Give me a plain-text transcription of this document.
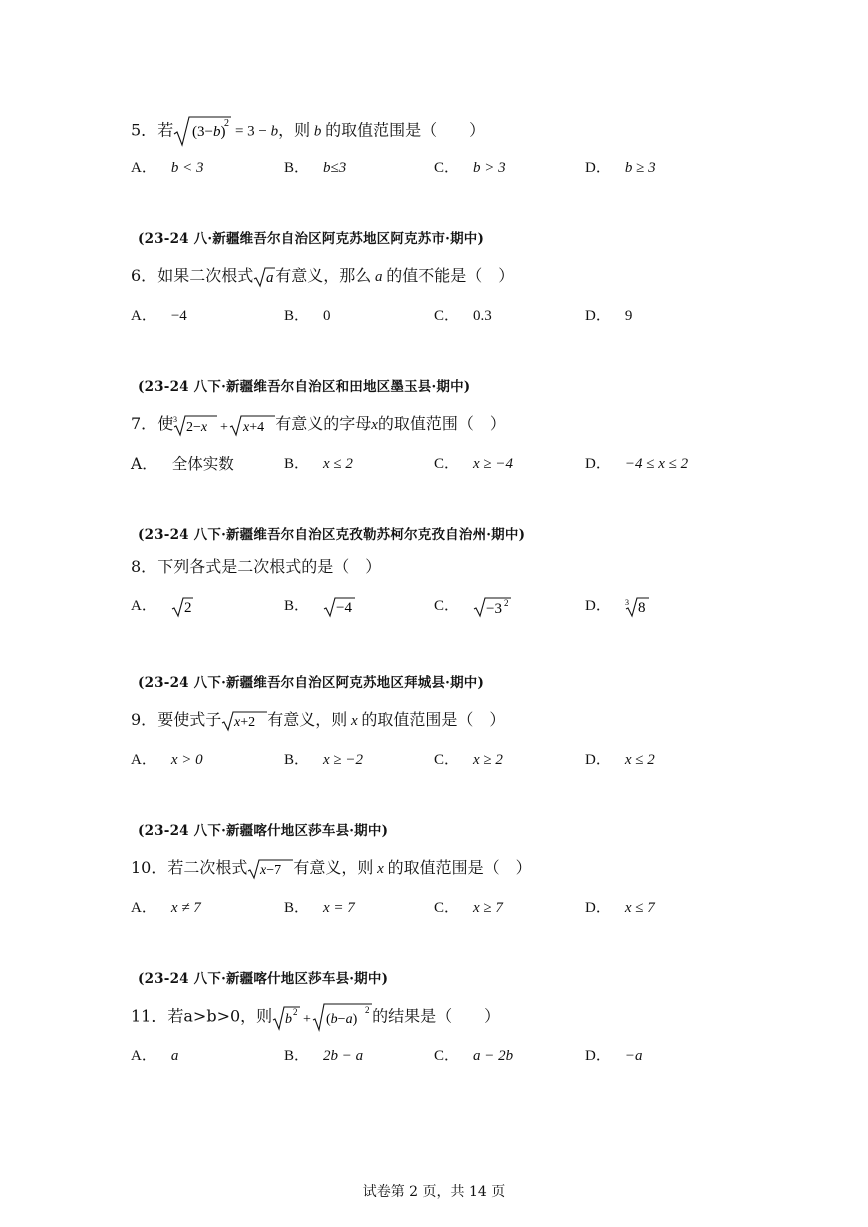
5．若 (3−b)
2 = 3 − b，则 b 的取值范围是（　　）
A． b < 3	B． b≤3	C． b > 3	D． b ≥ 3
(23-24 八·新疆维吾尔自治区阿克苏地区阿克苏市·期中)
6．如果二次根式 a 有意义，那么 a 的值不能是（　）
A． −4	B． 0	C． 0.3	D． 9
(23-24 八下·新疆维吾尔自治区和田地区墨玉县·期中)
7．使 3
2−x + x+4 有意义的字母x的取值范围（　）
A． 全体实数	B． x ≤ 2	C． x ≥ −4	D． −4 ≤ x ≤ 2
(23-24 八下·新疆维吾尔自治区克孜勒苏柯尔克孜自治州·期中)
8．下列各式是二次根式的是（　）
A． 2	B． −4	C． −3 2	D． 3 8
(23-24 八下·新疆维吾尔自治区阿克苏地区拜城县·期中)
9．要使式子 x+2 有意义，则 x 的取值范围是（　）
A． x > 0	B． x ≥ −2	C． x ≥ 2	D． x ≤ 2
(23-24 八下·新疆喀什地区莎车县·期中)
10．若二次根式 x−7 有意义，则 x 的取值范围是（　）
A． x ≠ 7	B． x = 7	C． x ≥ 7	D． x ≤ 7
(23-24 八下·新疆喀什地区莎车县·期中)
11．若a>b>0，则 b 2 + (b−a)
2 的结果是（　　）
A． a	B． 2b − a	C． a − 2b	D． −a
试卷第 2 页，共 14 页
